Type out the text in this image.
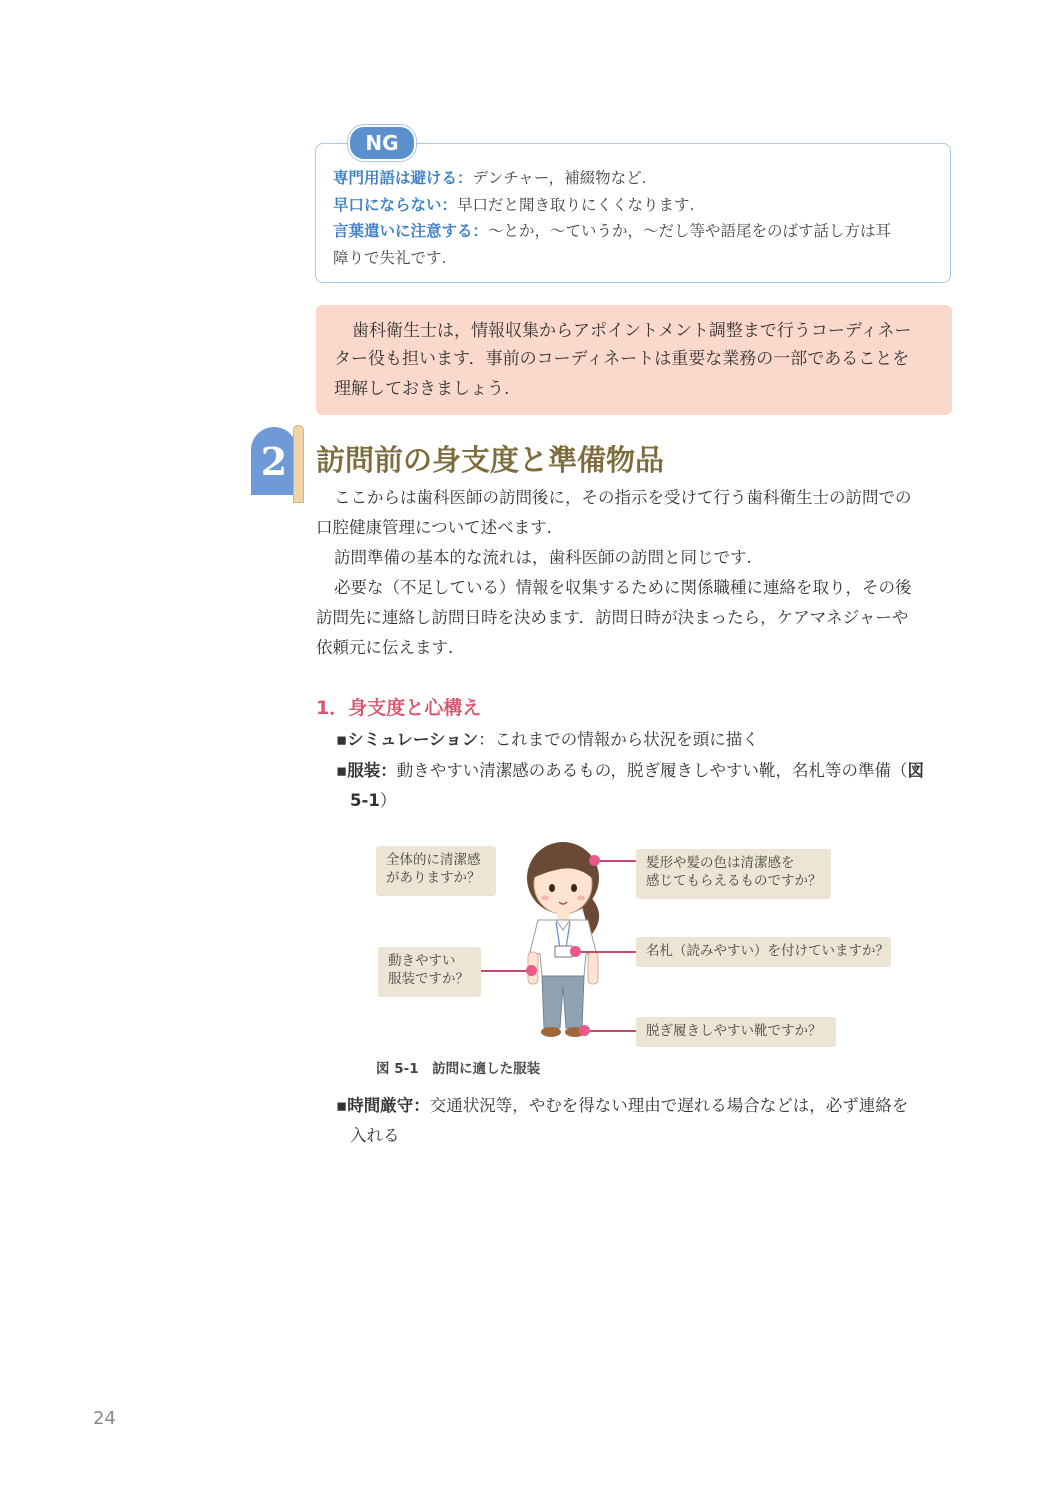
NG
専門用語は避ける：デンチャー，補綴物など.
早口にならない：早口だと聞き取りにくくなります.
言葉遣いに注意する：〜とか，〜ていうか，〜だし等や語尾をのばす話し方は耳
障りで失礼です.
歯科衛生士は，情報収集からアポイントメント調整まで行うコーディネー
ター役も担います．事前のコーディネートは重要な業務の一部であることを
理解しておきましょう.
2 訪問前の身支度と準備物品
ここからは歯科医師の訪問後に，その指示を受けて行う歯科衛生士の訪問での
口腔健康管理について述べます.
訪問準備の基本的な流れは，歯科医師の訪問と同じです.
必要な（不足している）情報を収集するために関係職種に連絡を取り，その後
訪問先に連絡し訪問日時を決めます．訪問日時が決まったら，ケアマネジャーや
依頼元に伝えます.
1．身支度と心構え
▪シミュレーション：これまでの情報から状況を頭に描く
▪服装：動きやすい清潔感のあるもの，脱ぎ履きしやすい靴，名札等の準備（図
5-1）
全体的に清潔感
がありますか？
動きやすい
服装ですか？
髪形や髪の色は清潔感を
感じてもらえるものですか？
名札（読みやすい）を付けていますか？
脱ぎ履きしやすい靴ですか？
図 5-1　訪問に適した服装
▪時間厳守：交通状況等，やむを得ない理由で遅れる場合などは，必ず連絡を
入れる
24
